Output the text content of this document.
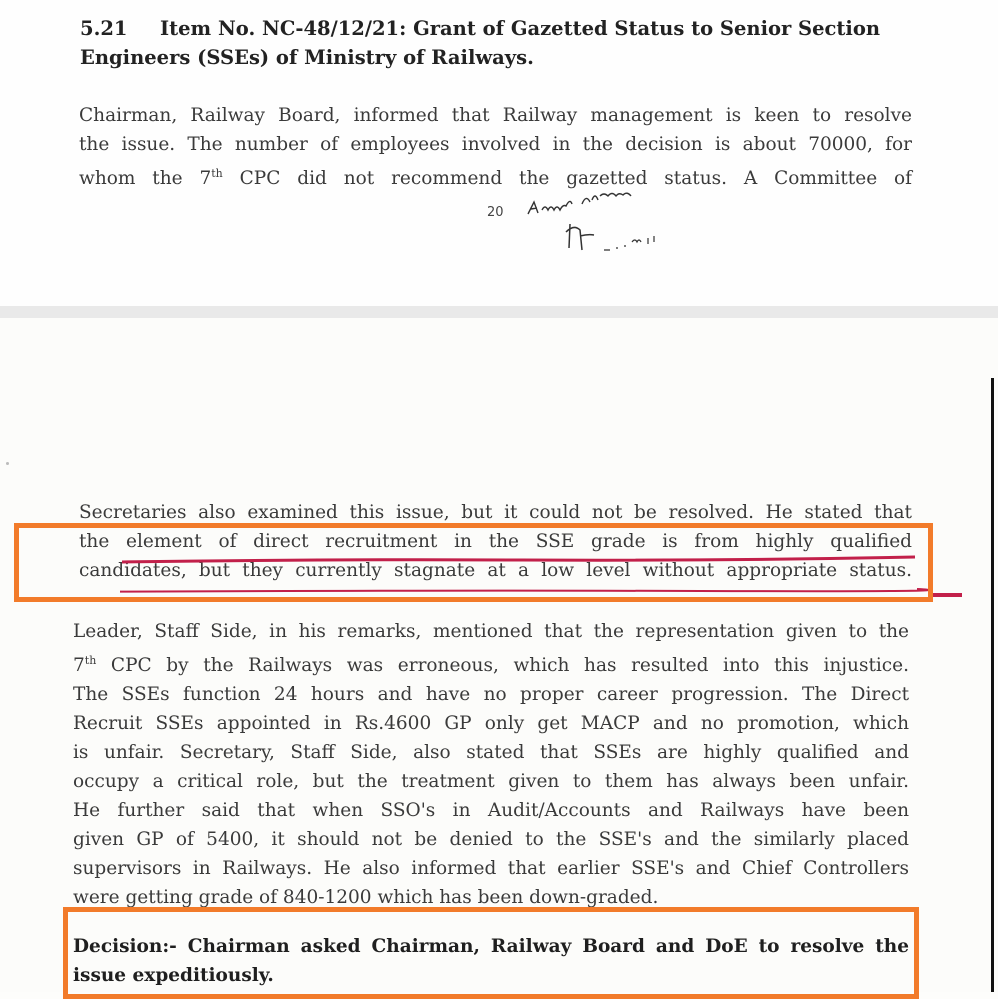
5.21 Item No. NC-48/12/21: Grant of Gazetted Status to Senior Section
Engineers (SSEs) of Ministry of Railways.
Chairman, Railway Board, informed that Railway management is keen to resolve
the issue. The number of employees involved in the decision is about 70000, for
whom the 7th CPC did not recommend the gazetted status. A Committee of
20
Secretaries also examined this issue, but it could not be resolved. He stated that
the element of direct recruitment in the SSE grade is from highly qualified
candidates, but they currently stagnate at a low level without appropriate status.
Leader, Staff Side, in his remarks, mentioned that the representation given to the
7th CPC by the Railways was erroneous, which has resulted into this injustice.
The SSEs function 24 hours and have no proper career progression. The Direct
Recruit SSEs appointed in Rs.4600 GP only get MACP and no promotion, which
is unfair. Secretary, Staff Side, also stated that SSEs are highly qualified and
occupy a critical role, but the treatment given to them has always been unfair.
He further said that when SSO's in Audit/Accounts and Railways have been
given GP of 5400, it should not be denied to the SSE's and the similarly placed
supervisors in Railways. He also informed that earlier SSE's and Chief Controllers
were getting grade of 840-1200 which has been down-graded.
Decision:- Chairman asked Chairman, Railway Board and DoE to resolve the
issue expeditiously.
